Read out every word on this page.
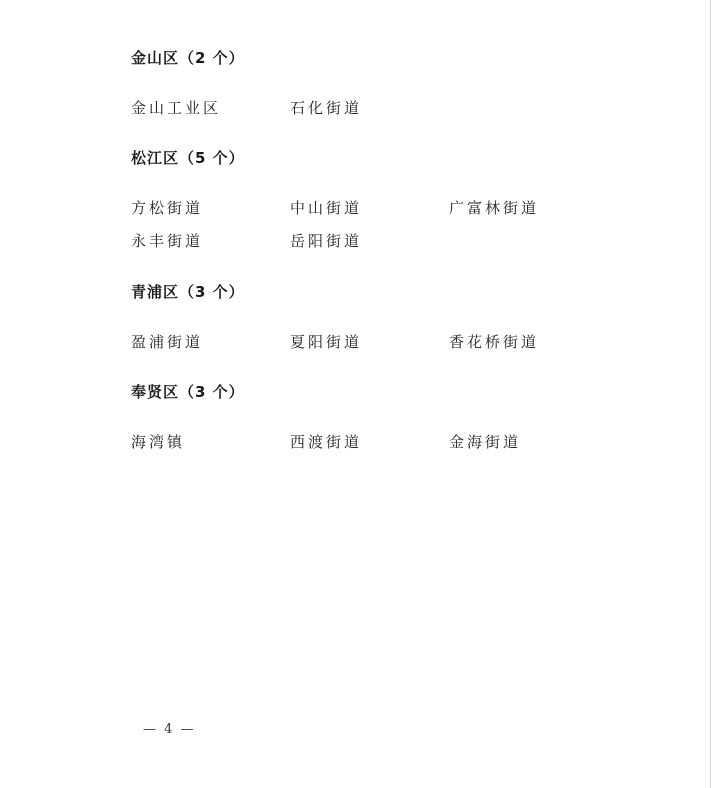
金山区（2 个）
金山工业区	石化街道
松江区（5 个）
方松街道	中山街道	广富林街道
永丰街道	岳阳街道
青浦区（3 个）
盈浦街道	夏阳街道	香花桥街道
奉贤区（3 个）
海湾镇	西渡街道	金海街道
— 4 —
